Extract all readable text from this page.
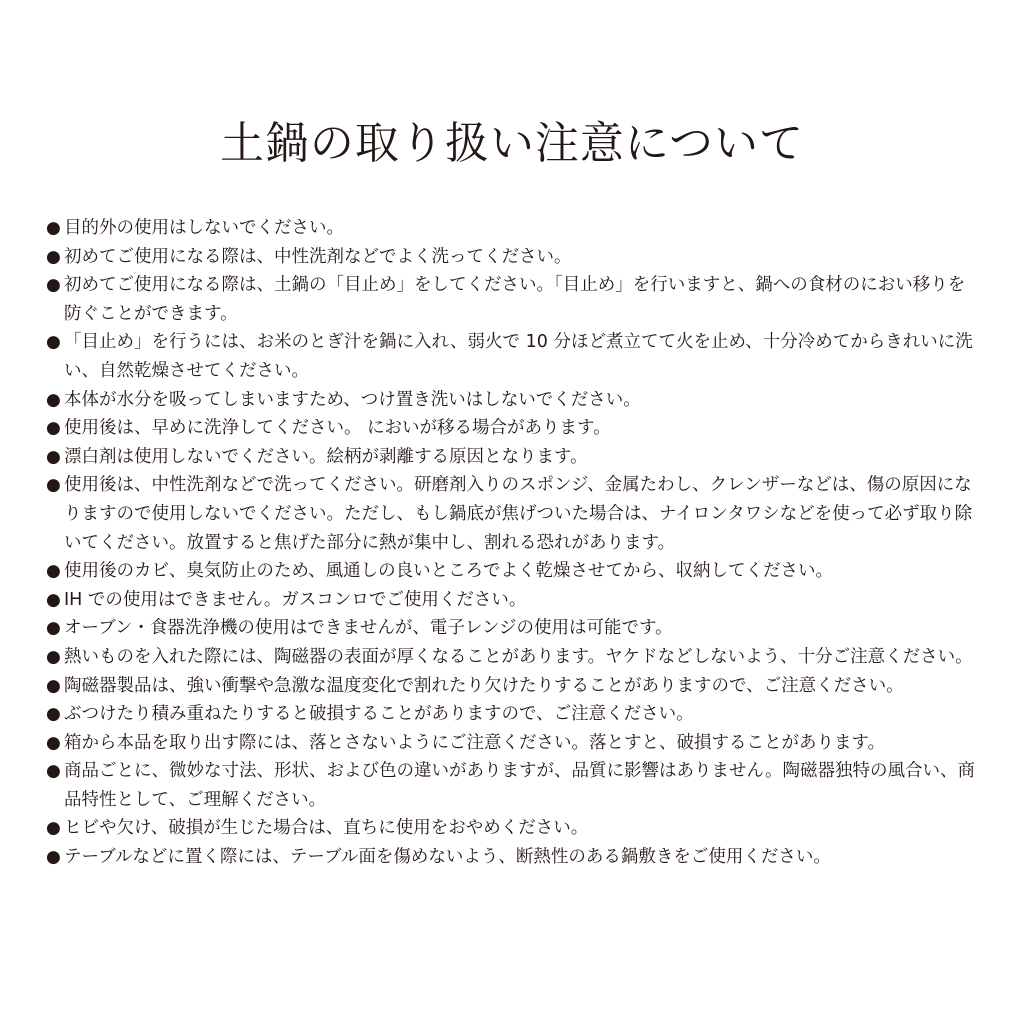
土鍋の取り扱い注意について
● 目的外の使用はしないでください。
● 初めてご使用になる際は、中性洗剤などでよく洗ってください。
● 初めてご使用になる際は、土鍋の「目止め」をしてください。「目止め」を行いますと、鍋への食材のにおい移りを防ぐことができます。
● 「目止め」を行うには、お米のとぎ汁を鍋に入れ、弱火で 10 分ほど煮立てて火を止め、十分冷めてからきれいに洗い、自然乾燥させてください。
● 本体が水分を吸ってしまいますため、つけ置き洗いはしないでください。
● 使用後は、早めに洗浄してください。 においが移る場合があります。
● 漂白剤は使用しないでください。絵柄が剥離する原因となります。
● 使用後は、中性洗剤などで洗ってください。研磨剤入りのスポンジ、金属たわし、クレンザーなどは、傷の原因になりますので使用しないでください。ただし、もし鍋底が焦げついた場合は、ナイロンタワシなどを使って必ず取り除いてください。放置すると焦げた部分に熱が集中し、割れる恐れがあります。
● 使用後のカビ、臭気防止のため、風通しの良いところでよく乾燥させてから、収納してください。
● IH での使用はできません。ガスコンロでご使用ください。
● オーブン・食器洗浄機の使用はできませんが、電子レンジの使用は可能です。
● 熱いものを入れた際には、陶磁器の表面が厚くなることがあります。ヤケドなどしないよう、十分ご注意ください。
● 陶磁器製品は、強い衝撃や急激な温度変化で割れたり欠けたりすることがありますので、ご注意ください。
● ぶつけたり積み重ねたりすると破損することがありますので、ご注意ください。
● 箱から本品を取り出す際には、落とさないようにご注意ください。落とすと、破損することがあります。
● 商品ごとに、微妙な寸法、形状、および色の違いがありますが、品質に影響はありません。陶磁器独特の風合い、商品特性として、ご理解ください。
● ヒビや欠け、破損が生じた場合は、直ちに使用をおやめください。
● テーブルなどに置く際には、テーブル面を傷めないよう、断熱性のある鍋敷きをご使用ください。
